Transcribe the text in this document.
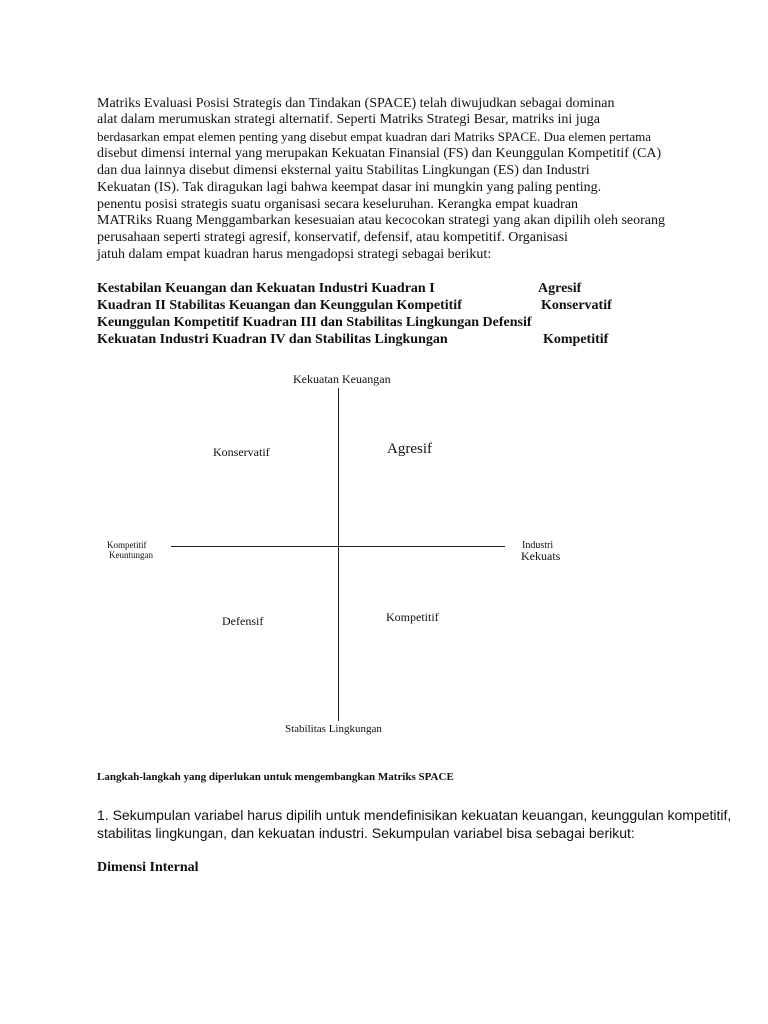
Matriks Evaluasi Posisi Strategis dan Tindakan (SPACE) telah diwujudkan sebagai dominan
alat dalam merumuskan strategi alternatif. Seperti Matriks Strategi Besar, matriks ini juga
berdasarkan empat elemen penting yang disebut empat kuadran dari Matriks SPACE. Dua elemen pertama
disebut dimensi internal yang merupakan Kekuatan Finansial (FS) dan Keunggulan Kompetitif (CA)
dan dua lainnya disebut dimensi eksternal yaitu Stabilitas Lingkungan (ES) dan Industri
Kekuatan (IS). Tak diragukan lagi bahwa keempat dasar ini mungkin yang paling penting.
penentu posisi strategis suatu organisasi secara keseluruhan. Kerangka empat kuadran
MATRiks Ruang Menggambarkan kesesuaian atau kecocokan strategi yang akan dipilih oleh seorang
perusahaan seperti strategi agresif, konservatif, defensif, atau kompetitif. Organisasi
jatuh dalam empat kuadran harus mengadopsi strategi sebagai berikut:
Kestabilan Keuangan dan Kekuatan Industri Kuadran I	Agresif
Kuadran II Stabilitas Keuangan dan Keunggulan Kompetitif	Konservatif
Keunggulan Kompetitif Kuadran III dan Stabilitas Lingkungan Defensif
Kekuatan Industri Kuadran IV dan Stabilitas Lingkungan	Kompetitif
Kekuatan Keuangan
Stabilitas Lingkungan
Kompetitif
Keuntungan
Industri
Kekuats
Konservatif	Agresif
Defensif	Kompetitif
Langkah-langkah yang diperlukan untuk mengembangkan Matriks SPACE
1. Sekumpulan variabel harus dipilih untuk mendefinisikan kekuatan keuangan, keunggulan kompetitif,
stabilitas lingkungan, dan kekuatan industri. Sekumpulan variabel bisa sebagai berikut:
Dimensi Internal
